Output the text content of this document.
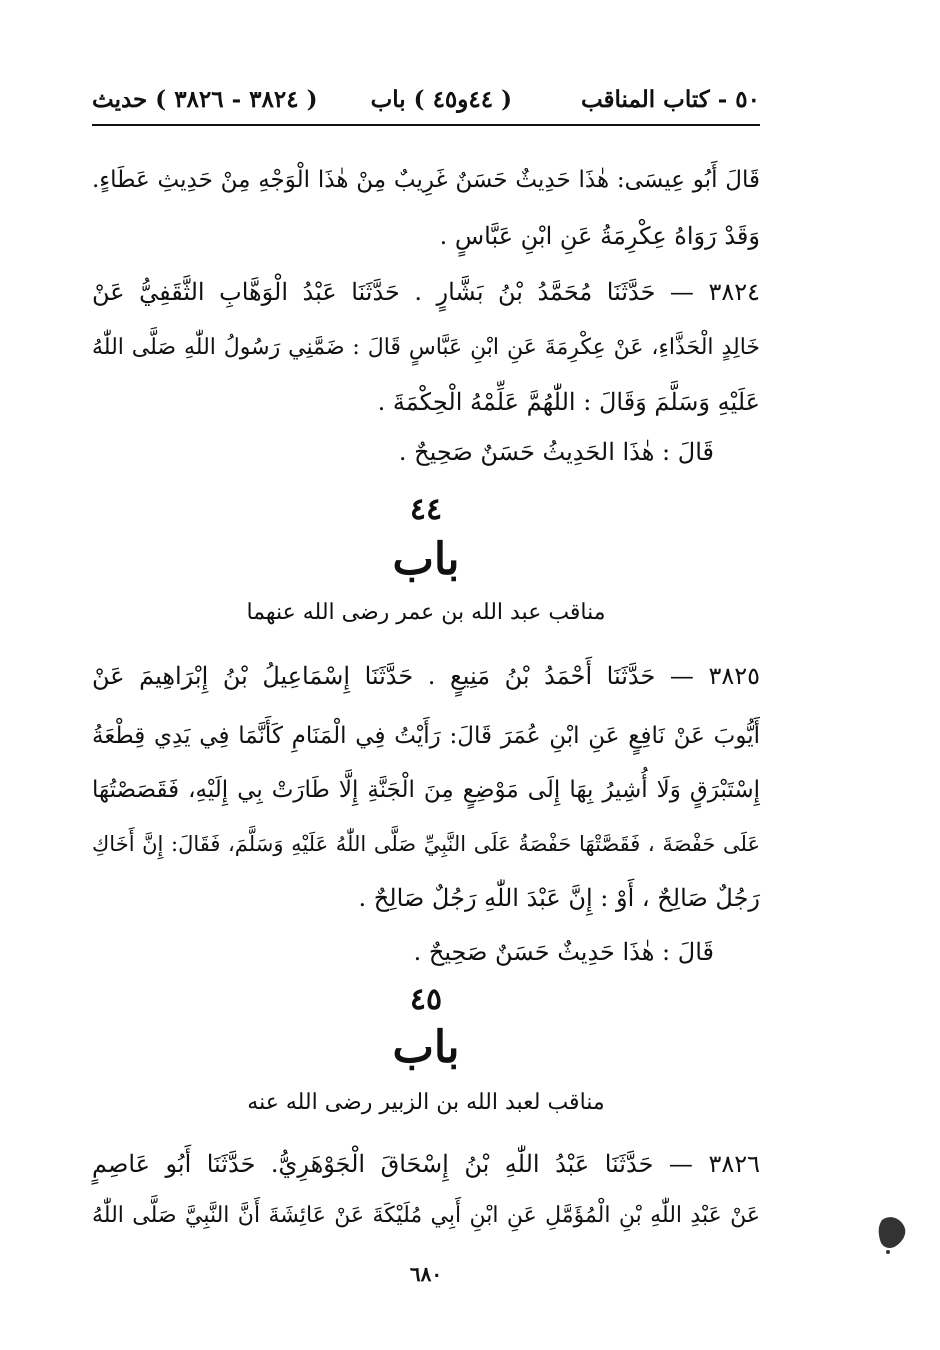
٥٠ - كتاب المناقب
( ٤٤و٤٥ ) باب
( ٣٨٢٤ - ٣٨٢٦ ) حديث
قَالَ أَبُو عِيسَى: هٰذَا حَدِيثٌ حَسَنٌ غَرِيبٌ مِنْ هٰذَا الْوَجْهِ مِنْ حَدِيثِ عَطَاءٍ.
وَقَدْ رَوَاهُ عِكْرِمَةُ عَنِ ابْنِ عَبَّاسٍ .
٣٨٢٤ — حَدَّثَنَا مُحَمَّدُ بْنُ بَشَّارٍ . حَدَّثَنَا عَبْدُ الْوَهَّابِ الثَّقَفِيُّ عَنْ
خَالِدٍ الْحَذَّاءِ، عَنْ عِكْرِمَةَ عَنِ ابْنِ عَبَّاسٍ قَالَ : ضَمَّنِي رَسُولُ اللّٰهِ صَلَّى اللّٰهُ
عَلَيْهِ وَسَلَّمَ وَقَالَ : اللّٰهُمَّ عَلِّمْهُ الْحِكْمَةَ .
قَالَ : هٰذَا الحَدِيثُ حَسَنٌ صَحِيحٌ .
٤٤
باب
مناقب عبد الله بن عمر رضى الله عنهما
٣٨٢٥ — حَدَّثَنَا أَحْمَدُ بْنُ مَنِيعٍ . حَدَّثَنَا إِسْمَاعِيلُ بْنُ إِبْرَاهِيمَ عَنْ
أَيُّوبَ عَنْ نَافِعٍ عَنِ ابْنِ عُمَرَ قَالَ: رَأَيْتُ فِي الْمَنَامِ كَأَنَّمَا فِي يَدِي قِطْعَةُ
إِسْتَبْرَقٍ وَلَا أُشِيرُ بِهَا إِلَى مَوْضِعٍ مِنَ الْجَنَّةِ إِلَّا طَارَتْ بِي إِلَيْهِ، فَقَصَصْتُهَا
عَلَى حَفْصَةَ ، فَقَصَّتْهَا حَفْصَةُ عَلَى النَّبِيِّ صَلَّى اللّٰهُ عَلَيْهِ وَسَلَّمَ، فَقَالَ: إِنَّ أَخَاكِ
رَجُلٌ صَالِحٌ ، أَوْ : إِنَّ عَبْدَ اللّٰهِ رَجُلٌ صَالِحٌ .
قَالَ : هٰذَا حَدِيثٌ حَسَنٌ صَحِيحٌ .
٤٥
باب
مناقب لعبد الله بن الزبير رضى الله عنه
٣٨٢٦ — حَدَّثَنَا عَبْدُ اللّٰهِ بْنُ إِسْحَاقَ الْجَوْهَرِيُّ. حَدَّثَنَا أَبُو عَاصِمٍ
عَنْ عَبْدِ اللّٰهِ بْنِ الْمُؤَمَّلِ عَنِ ابْنِ أَبِي مُلَيْكَةَ عَنْ عَائِشَةَ أَنَّ النَّبِيَّ صَلَّى اللّٰهُ
٦٨٠
